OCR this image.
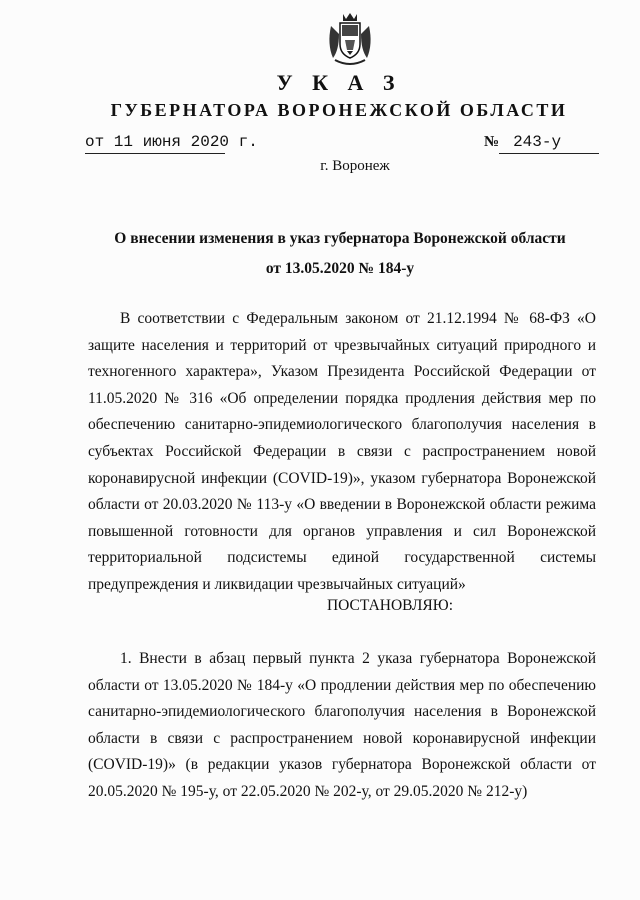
У К А З
ГУБЕРНАТОРА ВОРОНЕЖСКОЙ ОБЛАСТИ
от 11 июня 2020 г.	№ 243-у
г. Воронеж
О внесении изменения в указ губернатора Воронежской области
от 13.05.2020 № 184-у
В соответствии с Федеральным законом от 21.12.1994 № 68-ФЗ «О защите населения и территорий от чрезвычайных ситуаций природного и техногенного характера», Указом Президента Российской Федерации от 11.05.2020 № 316 «Об определении порядка продления действия мер по обеспечению санитарно-эпидемиологического благополучия населения в субъектах Российской Федерации в связи с распространением новой коронавирусной инфекции (COVID-19)», указом губернатора Воронежской области от 20.03.2020 № 113-у «О введении в Воронежской области режима повышенной готовности для органов управления и сил Воронежской территориальной подсистемы единой государственной системы предупреждения и ликвидации чрезвычайных ситуаций»
ПОСТАНОВЛЯЮ:
1. Внести в абзац первый пункта 2 указа губернатора Воронежской области от 13.05.2020 № 184-у «О продлении действия мер по обеспечению санитарно-эпидемиологического благополучия населения в Воронежской области в связи с распространением новой коронавирусной инфекции (COVID-19)» (в редакции указов губернатора Воронежской области от 20.05.2020 № 195-у, от 22.05.2020 № 202-у, от 29.05.2020 № 212-у)
